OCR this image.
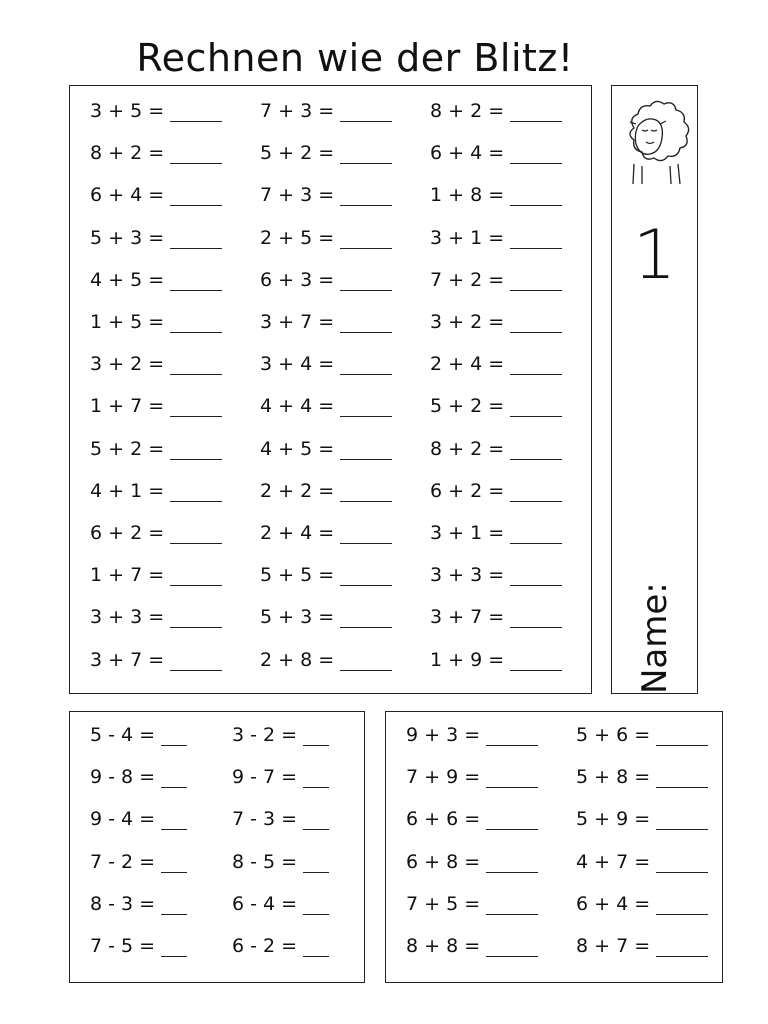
Rechnen wie der Blitz!
3 + 5 =
8 + 2 =
6 + 4 =
5 + 3 =
4 + 5 =
1 + 5 =
3 + 2 =
1 + 7 =
5 + 2 =
4 + 1 =
6 + 2 =
1 + 7 =
3 + 3 =
3 + 7 =
7 + 3 =
5 + 2 =
7 + 3 =
2 + 5 =
6 + 3 =
3 + 7 =
3 + 4 =
4 + 4 =
4 + 5 =
2 + 2 =
2 + 4 =
5 + 5 =
5 + 3 =
2 + 8 =
8 + 2 =
6 + 4 =
1 + 8 =
3 + 1 =
7 + 2 =
3 + 2 =
2 + 4 =
5 + 2 =
8 + 2 =
6 + 2 =
3 + 1 =
3 + 3 =
3 + 7 =
1 + 9 =
1
Name:
5 - 4 =
9 - 8 =
9 - 4 =
7 - 2 =
8 - 3 =
7 - 5 =
3 - 2 =
9 - 7 =
7 - 3 =
8 - 5 =
6 - 4 =
6 - 2 =
9 + 3 =
7 + 9 =
6 + 6 =
6 + 8 =
7 + 5 =
8 + 8 =
5 + 6 =
5 + 8 =
5 + 9 =
4 + 7 =
6 + 4 =
8 + 7 =
